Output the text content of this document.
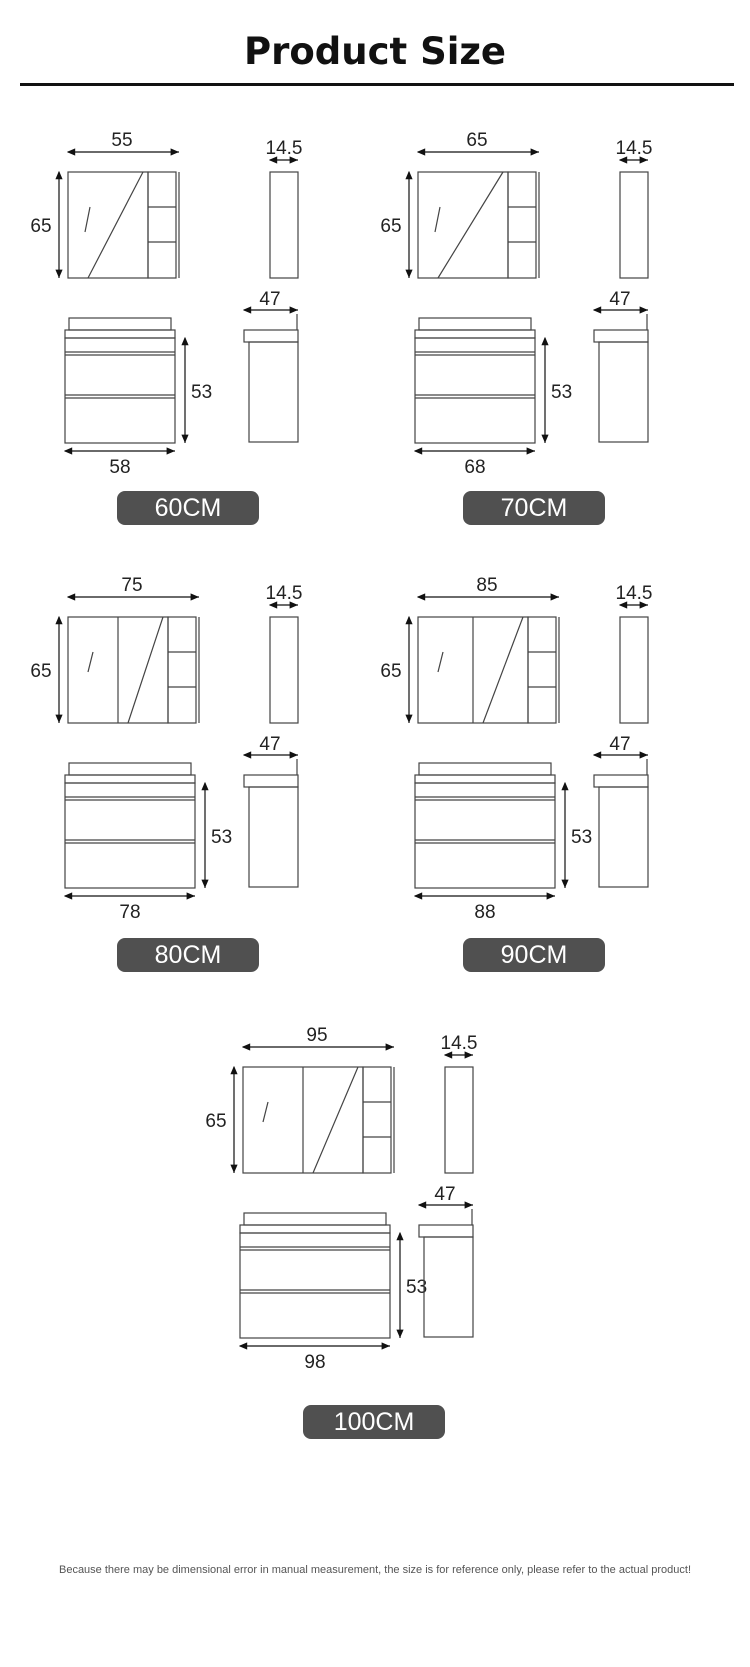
Product Size
55
65
14.5
53
58
47
65
65
14.5
53
68
47
75
65
14.5
53
78
47
85
65
14.5
53
88
47
95
65
14.5
53
98
47
Because there may be dimensional error in manual measurement, the size is for reference only, please refer to the actual product!
60CM	70CM
80CM	90CM
100CM
